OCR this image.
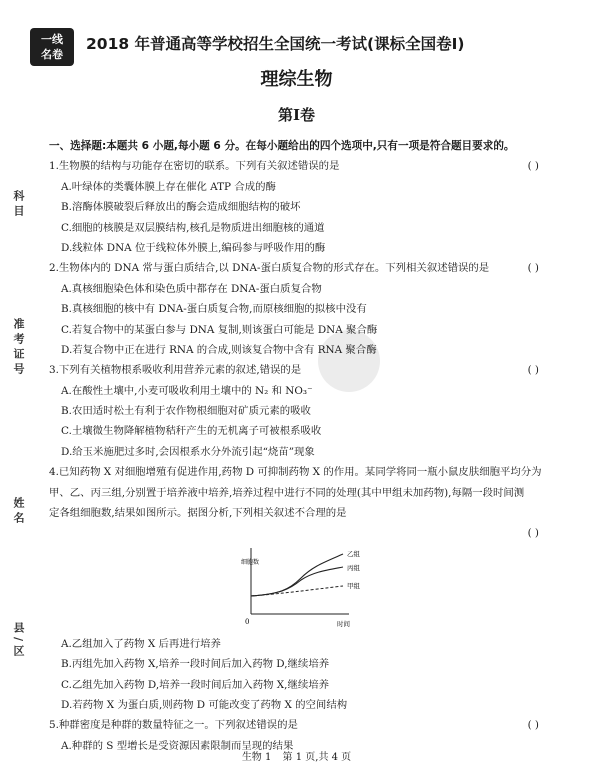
一线
名卷
2018 年普通高等学校招生全国统一考试(课标全国卷Ⅰ)
理综生物
第Ⅰ卷
科目
准考证号
姓名
县/区
一、选择题:本题共 6 小题,每小题 6 分。在每小题给出的四个选项中,只有一项是符合题目要求的。
1.生物膜的结构与功能存在密切的联系。下列有关叙述错误的是	( )
A.叶绿体的类囊体膜上存在催化 ATP 合成的酶
B.溶酶体膜破裂后释放出的酶会造成细胞结构的破坏
C.细胞的核膜是双层膜结构,核孔是物质进出细胞核的通道
D.线粒体 DNA 位于线粒体外膜上,编码参与呼吸作用的酶
2.生物体内的 DNA 常与蛋白质结合,以 DNA-蛋白质复合物的形式存在。下列相关叙述错误的是	( )
A.真核细胞染色体和染色质中都存在 DNA-蛋白质复合物
B.真核细胞的核中有 DNA-蛋白质复合物,而原核细胞的拟核中没有
C.若复合物中的某蛋白参与 DNA 复制,则该蛋白可能是 DNA 聚合酶
D.若复合物中正在进行 RNA 的合成,则该复合物中含有 RNA 聚合酶
3.下列有关植物根系吸收利用营养元素的叙述,错误的是	( )
A.在酸性土壤中,小麦可吸收利用土壤中的 N₂ 和 NO₃⁻
B.农田适时松土有利于农作物根细胞对矿质元素的吸收
C.土壤微生物降解植物秸秆产生的无机离子可被根系吸收
D.给玉米施肥过多时,会因根系水分外流引起“烧苗”现象
4.已知药物 X 对细胞增殖有促进作用,药物 D 可抑制药物 X 的作用。某同学将同一瓶小鼠皮肤细胞平均分为
甲、乙、丙三组,分别置于培养液中培养,培养过程中进行不同的处理(其中甲组未加药物),每隔一段时间测
定各组细胞数,结果如图所示。据图分析,下列相关叙述不合理的是
( )
细胞数
0	时间
乙组
丙组
甲组
A.乙组加入了药物 X 后再进行培养
B.丙组先加入药物 X,培养一段时间后加入药物 D,继续培养
C.乙组先加入药物 D,培养一段时间后加入药物 X,继续培养
D.若药物 X 为蛋白质,则药物 D 可能改变了药物 X 的空间结构
5.种群密度是种群的数量特征之一。下列叙述错误的是	( )
A.种群的 S 型增长是受资源因素限制而呈现的结果
生物 1 第 1 页,共 4 页
